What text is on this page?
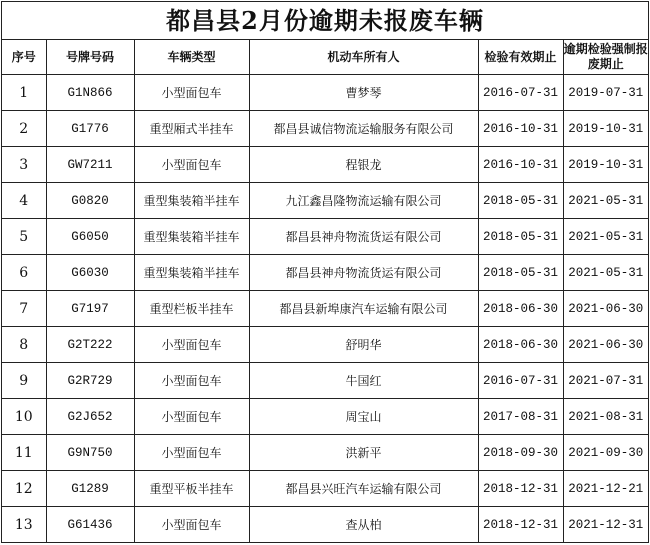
都昌县2月份逾期未报废车辆
序号	号牌号码	车辆类型	机动车所有人	检验有效期止	逾期检验强制报废期止
1	G1N866	小型面包车	曹梦琴	2016-07-31	2019-07-31
2	G1776	重型厢式半挂车	都昌县诚信物流运输服务有限公司	2016-10-31	2019-10-31
3	GW7211	小型面包车	程银龙	2016-10-31	2019-10-31
4	G0820	重型集装箱半挂车	九江鑫昌隆物流运输有限公司	2018-05-31	2021-05-31
5	G6050	重型集装箱半挂车	都昌县神舟物流货运有限公司	2018-05-31	2021-05-31
6	G6030	重型集装箱半挂车	都昌县神舟物流货运有限公司	2018-05-31	2021-05-31
7	G7197	重型栏板半挂车	都昌县新埠康汽车运输有限公司	2018-06-30	2021-06-30
8	G2T222	小型面包车	舒明华	2018-06-30	2021-06-30
9	G2R729	小型面包车	牛国红	2016-07-31	2021-07-31
10	G2J652	小型面包车	周宝山	2017-08-31	2021-08-31
11	G9N750	小型面包车	洪新平	2018-09-30	2021-09-30
12	G1289	重型平板半挂车	都昌县兴旺汽车运输有限公司	2018-12-31	2021-12-21
13	G61436	小型面包车	查从柏	2018-12-31	2021-12-31
